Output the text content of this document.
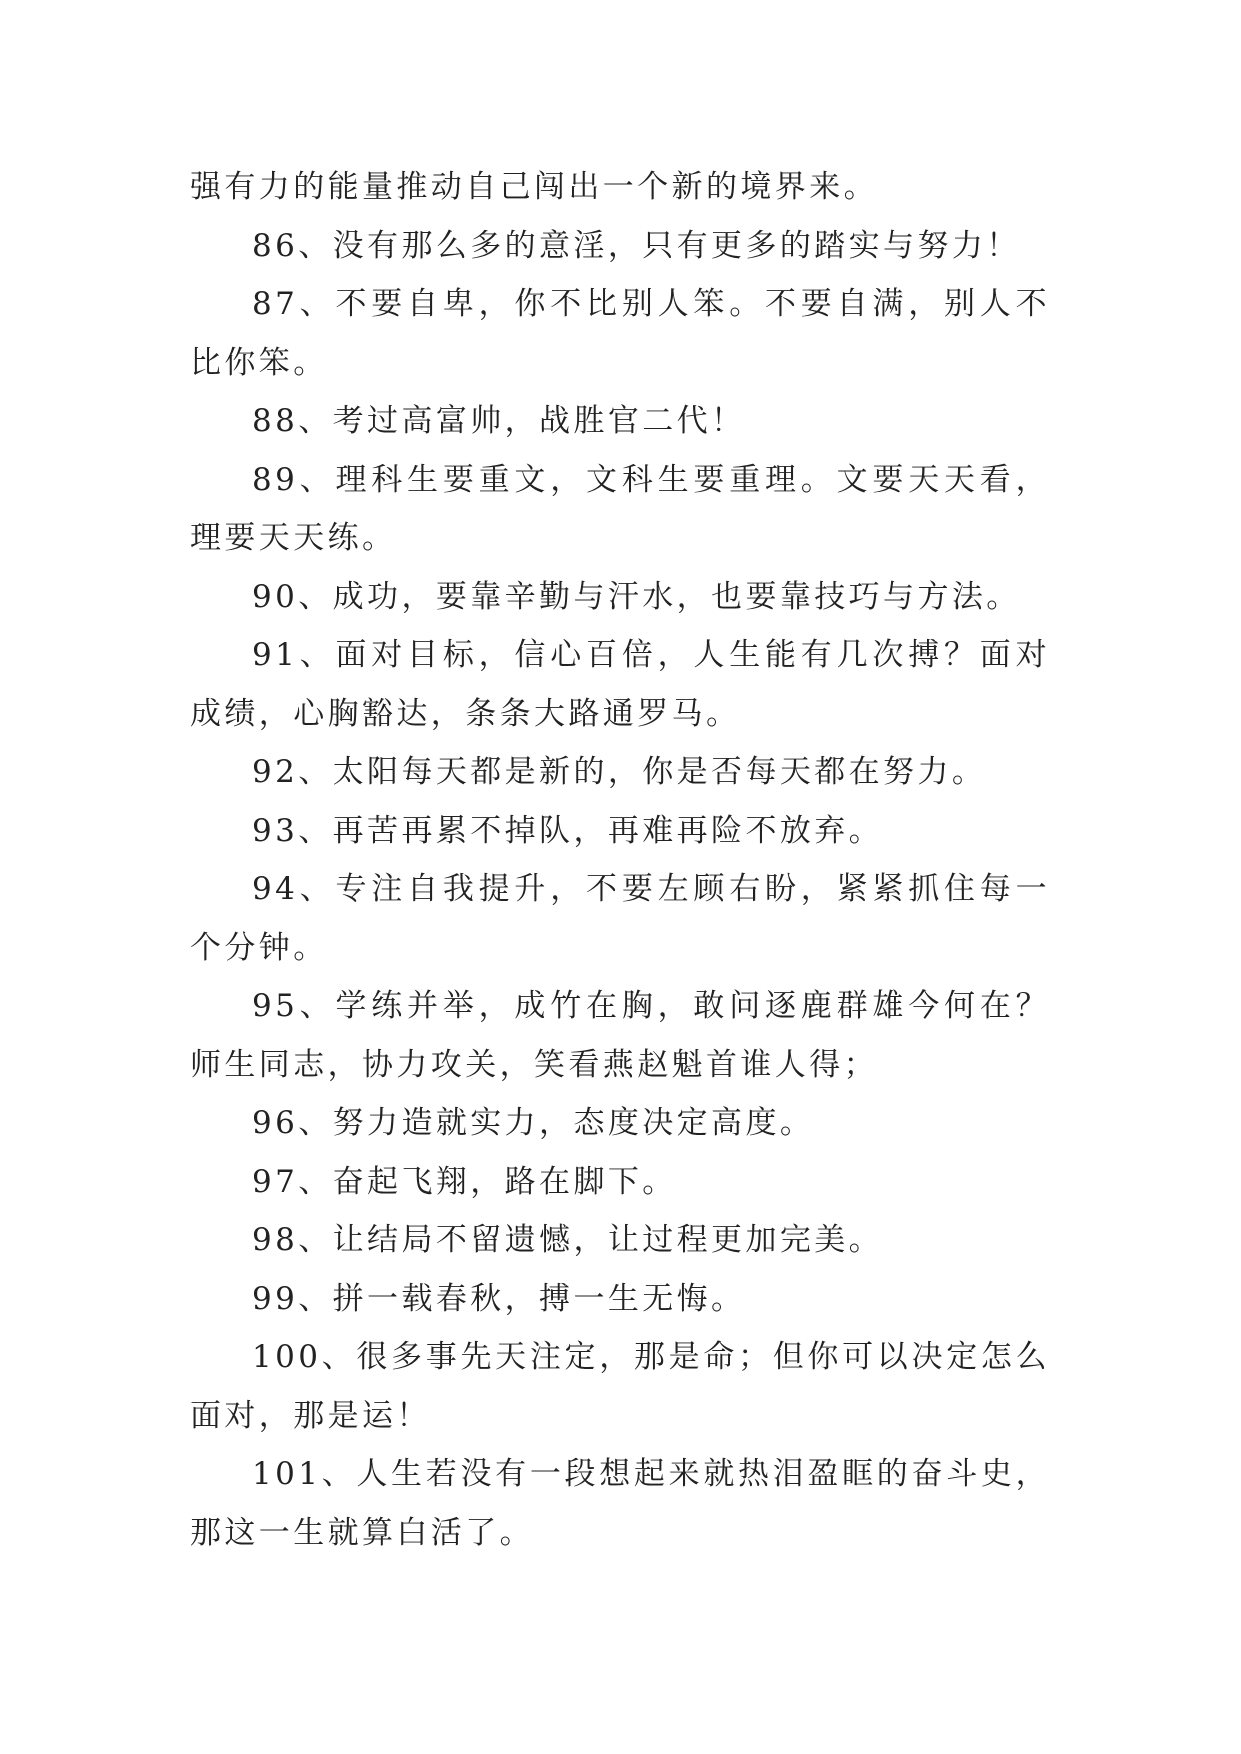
强有力的能量推动自己闯出一个新的境界来。

86、没有那么多的意淫，只有更多的踏实与努力！

87、不要自卑，你不比别人笨。不要自满，别人不比你笨。

88、考过高富帅，战胜官二代！

89、理科生要重文，文科生要重理。文要天天看，理要天天练。

90、成功，要靠辛勤与汗水，也要靠技巧与方法。

91、面对目标，信心百倍，人生能有几次搏？面对成绩，心胸豁达，条条大路通罗马。

92、太阳每天都是新的，你是否每天都在努力。

93、再苦再累不掉队，再难再险不放弃。

94、专注自我提升，不要左顾右盼，紧紧抓住每一个分钟。

95、学练并举，成竹在胸，敢问逐鹿群雄今何在？师生同志，协力攻关，笑看燕赵魁首谁人得；

96、努力造就实力，态度决定高度。

97、奋起飞翔，路在脚下。

98、让结局不留遗憾，让过程更加完美。

99、拼一载春秋，搏一生无悔。

100、很多事先天注定，那是命；但你可以决定怎么面对，那是运！

101、人生若没有一段想起来就热泪盈眶的奋斗史，那这一生就算白活了。
